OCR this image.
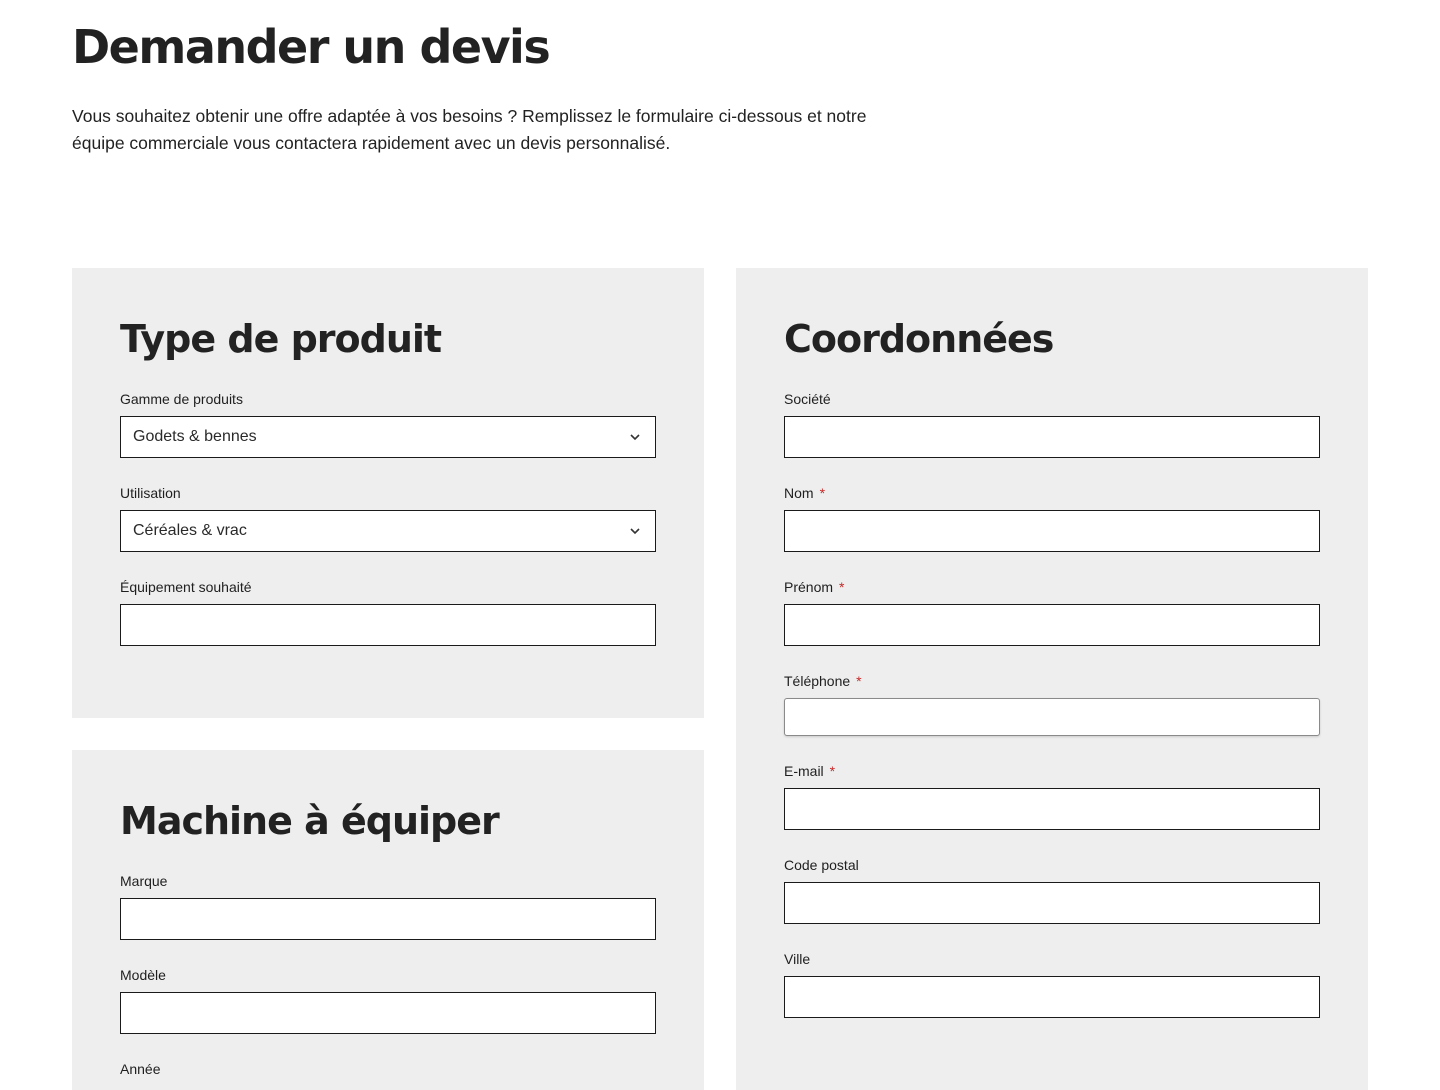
Demander un devis

Vous souhaitez obtenir une offre adaptée à vos besoins ? Remplissez le formulaire ci-dessous et notre équipe commerciale vous contactera rapidement avec un devis personnalisé.

Type de produit
Gamme de produits
Godets & bennes
Utilisation
Céréales & vrac
Équipement souhaité
Machine à équiper
Marque
Modèle
Année
Coordonnées
Société
Nom *
Prénom *
Téléphone *
E-mail *
Code postal
Ville
